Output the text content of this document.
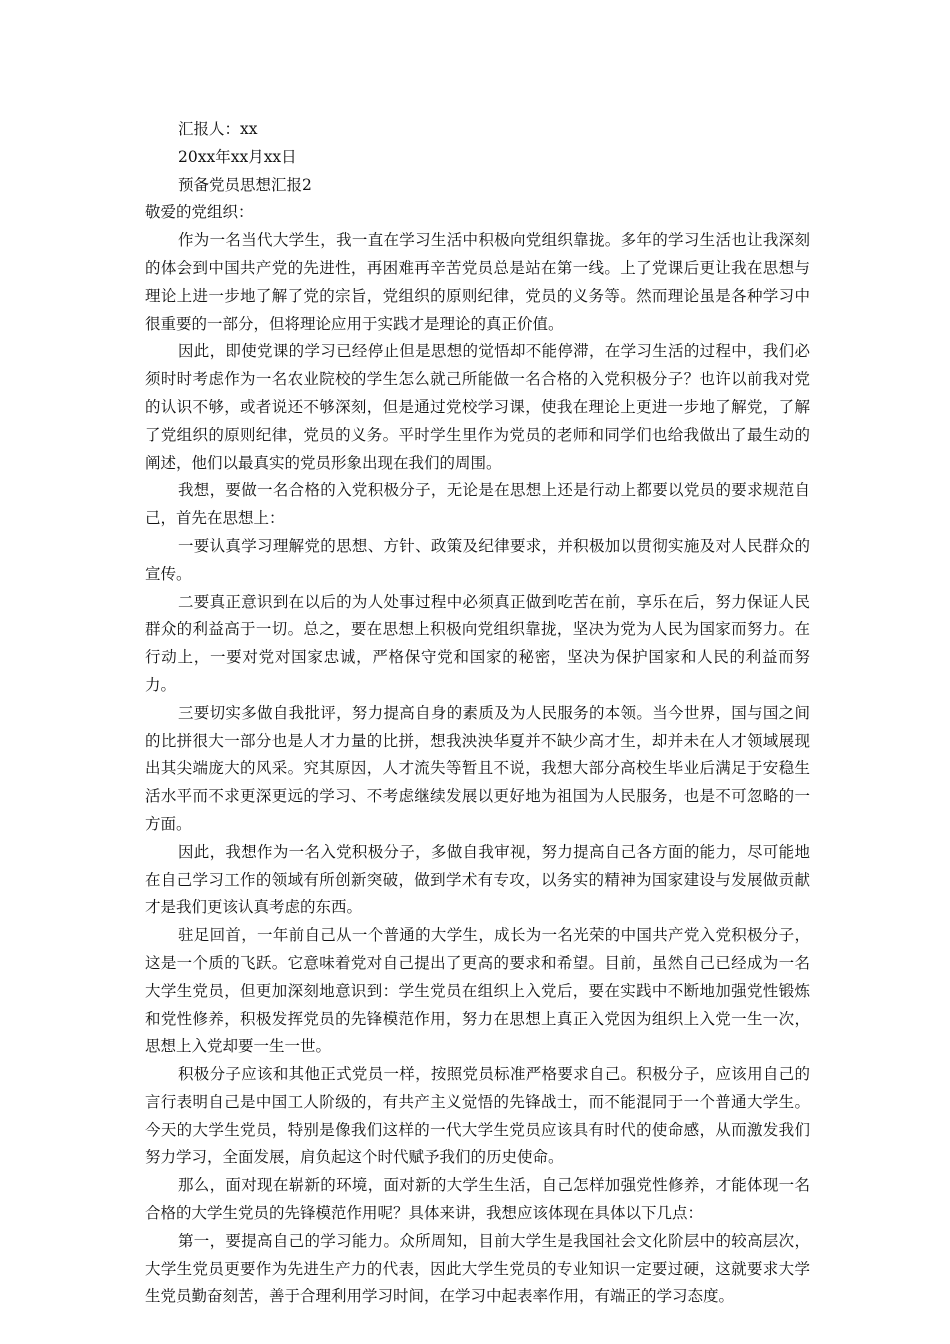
汇报人：xx
20xx年xx月xx日
预备党员思想汇报2
敬爱的党组织：

作为一名当代大学生，我一直在学习生活中积极向党组织靠拢。多年的学习生活也让我深刻的体会到中国共产党的先进性，再困难再辛苦党员总是站在第一线。上了党课后更让我在思想与理论上进一步地了解了党的宗旨，党组织的原则纪律，党员的义务等。然而理论虽是各种学习中很重要的一部分，但将理论应用于实践才是理论的真正价值。

因此，即使党课的学习已经停止但是思想的觉悟却不能停滞，在学习生活的过程中，我们必须时时考虑作为一名农业院校的学生怎么就己所能做一名合格的入党积极分子？也许以前我对党的认识不够，或者说还不够深刻，但是通过党校学习课，使我在理论上更进一步地了解党，了解了党组织的原则纪律，党员的义务。平时学生里作为党员的老师和同学们也给我做出了最生动的阐述，他们以最真实的党员形象出现在我们的周围。

我想，要做一名合格的入党积极分子，无论是在思想上还是行动上都要以党员的要求规范自己，首先在思想上：

一要认真学习理解党的思想、方针、政策及纪律要求，并积极加以贯彻实施及对人民群众的宣传。

二要真正意识到在以后的为人处事过程中必须真正做到吃苦在前，享乐在后，努力保证人民群众的利益高于一切。总之，要在思想上积极向党组织靠拢，坚决为党为人民为国家而努力。在行动上，一要对党对国家忠诚，严格保守党和国家的秘密，坚决为保护国家和人民的利益而努力。

三要切实多做自我批评，努力提高自身的素质及为人民服务的本领。当今世界，国与国之间的比拼很大一部分也是人才力量的比拼，想我泱泱华夏并不缺少高才生，却并未在人才领域展现出其尖端庞大的风采。究其原因，人才流失等暂且不说，我想大部分高校生毕业后满足于安稳生活水平而不求更深更远的学习、不考虑继续发展以更好地为祖国为人民服务，也是不可忽略的一方面。

因此，我想作为一名入党积极分子，多做自我审视，努力提高自己各方面的能力，尽可能地在自己学习工作的领域有所创新突破，做到学术有专攻，以务实的精神为国家建设与发展做贡献才是我们更该认真考虑的东西。

驻足回首，一年前自己从一个普通的大学生，成长为一名光荣的中国共产党入党积极分子，这是一个质的飞跃。它意味着党对自己提出了更高的要求和希望。目前，虽然自己已经成为一名大学生党员，但更加深刻地意识到：学生党员在组织上入党后，要在实践中不断地加强党性锻炼和党性修养，积极发挥党员的先锋模范作用，努力在思想上真正入党因为组织上入党一生一次，思想上入党却要一生一世。

积极分子应该和其他正式党员一样，按照党员标准严格要求自己。积极分子，应该用自己的言行表明自己是中国工人阶级的，有共产主义觉悟的先锋战士，而不能混同于一个普通大学生。今天的大学生党员，特别是像我们这样的一代大学生党员应该具有时代的使命感，从而激发我们努力学习，全面发展，肩负起这个时代赋予我们的历史使命。

那么，面对现在崭新的环境，面对新的大学生生活，自己怎样加强党性修养，才能体现一名合格的大学生党员的先锋模范作用呢？具体来讲，我想应该体现在具体以下几点：

第一，要提高自己的学习能力。众所周知，目前大学生是我国社会文化阶层中的较高层次，大学生党员更要作为先进生产力的代表，因此大学生党员的专业知识一定要过硬，这就要求大学生党员勤奋刻苦，善于合理利用学习时间，在学习中起表率作用，有端正的学习态度。
